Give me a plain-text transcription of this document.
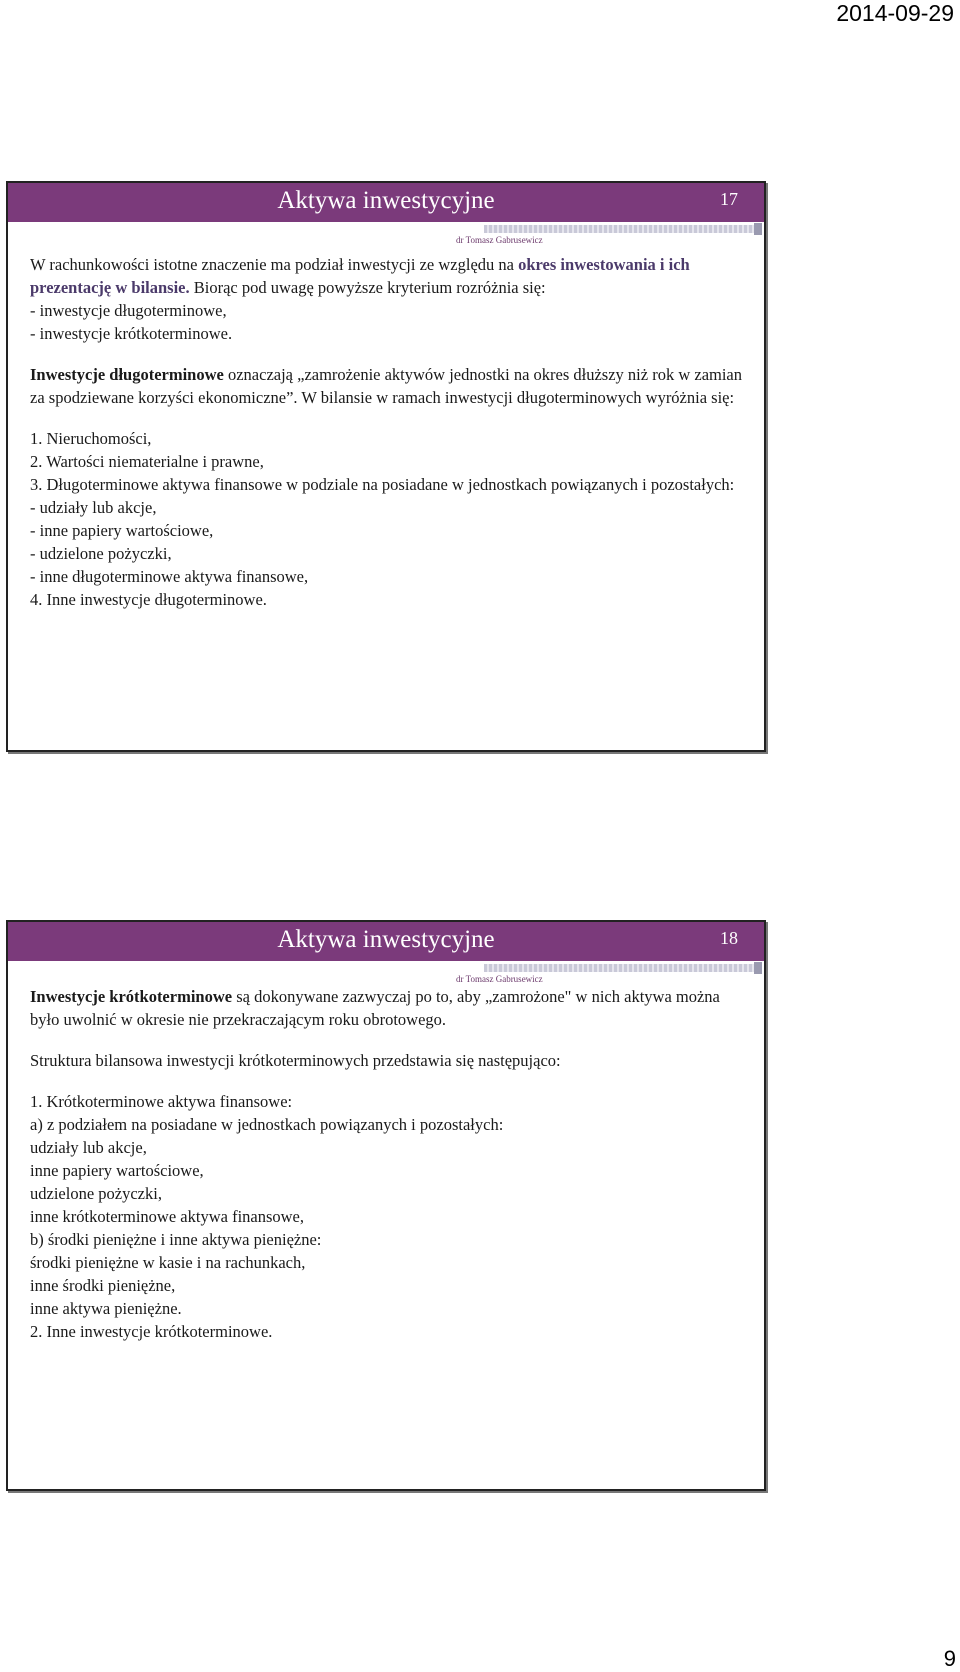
2014-09-29
Aktywa inwestycyjne	17
dr Tomasz Gabrusewicz

W rachunkowości istotne znaczenie ma podział inwestycji ze względu na okres inwestowania i ich prezentację w bilansie. Biorąc pod uwagę powyższe kryterium rozróżnia się:

- inwestycje długoterminowe,

- inwestycje krótkoterminowe.

Inwestycje długoterminowe oznaczają „zamrożenie aktywów jednostki na okres dłuższy niż rok w zamian za spodziewane korzyści ekonomiczne”. W bilansie w ramach inwestycji długoterminowych wyróżnia się:

1. Nieruchomości,

2. Wartości niematerialne i prawne,

3. Długoterminowe aktywa finansowe w podziale na posiadane w jednostkach powiązanych i pozostałych:

- udziały lub akcje,

- inne papiery wartościowe,

- udzielone pożyczki,

- inne długoterminowe aktywa finansowe,

4. Inne inwestycje długoterminowe.

Aktywa inwestycyjne	18
dr Tomasz Gabrusewicz

Inwestycje krótkoterminowe są dokonywane zazwyczaj po to, aby „zamrożone" w nich aktywa można było uwolnić w okresie nie przekraczającym roku obrotowego.

Struktura bilansowa inwestycji krótkoterminowych przedstawia się następująco:

1. Krótkoterminowe aktywa finansowe:

a) z podziałem na posiadane w jednostkach powiązanych i pozostałych:

udziały lub akcje,

inne papiery wartościowe,

udzielone pożyczki,

inne krótkoterminowe aktywa finansowe,

b) środki pieniężne i inne aktywa pieniężne:

środki pieniężne w kasie i na rachunkach,

inne środki pieniężne,

inne aktywa pieniężne.

2. Inne inwestycje krótkoterminowe.

9
